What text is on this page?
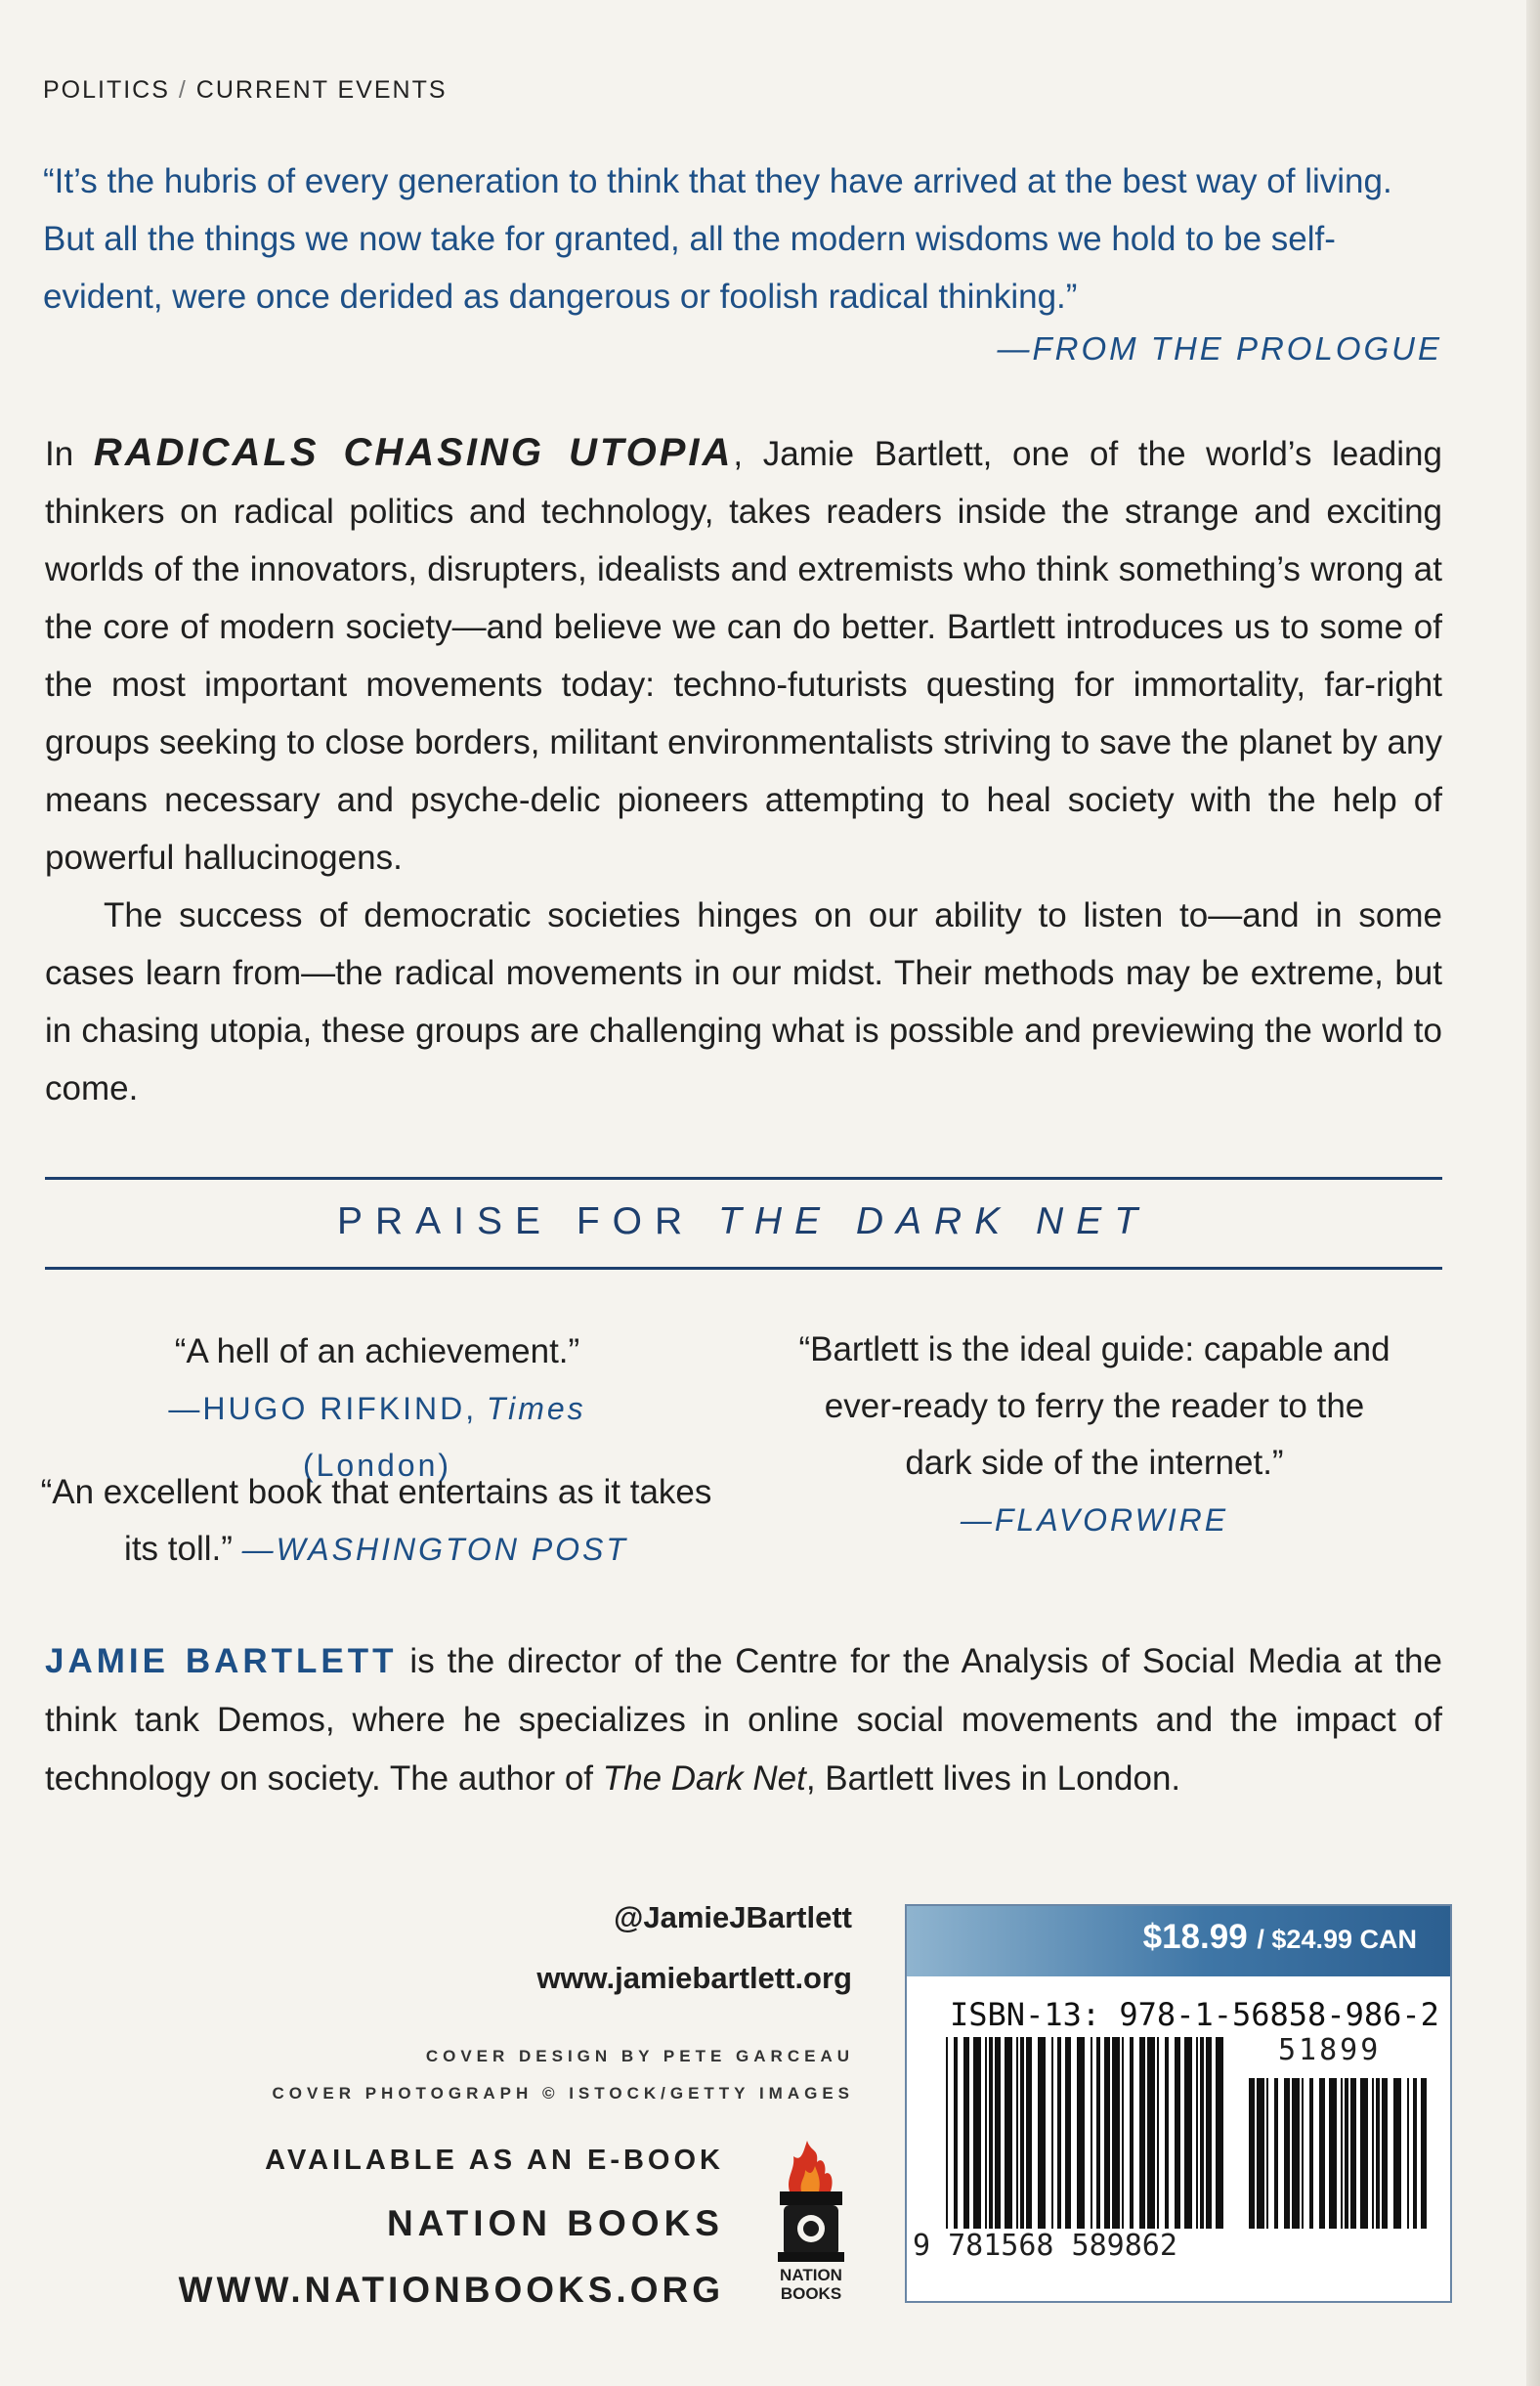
POLITICS / CURRENT EVENTS
“It’s the hubris of every generation to think that they have arrived at the best way of living. But all the things we now take for granted, all the modern wisdoms we hold to be self-evident, were once derided as dangerous or foolish radical thinking.”
—FROM THE PROLOGUE

In RADICALS CHASING UTOPIA, Jamie Bartlett, one of the world’s leading thinkers on radical politics and technology, takes readers inside the strange and exciting worlds of the innovators, disrupters, idealists and extremists who think something’s wrong at the core of modern society—and believe we can do better. Bartlett introduces us to some of the most important movements today: techno-futurists questing for immortality, far-right groups seeking to close borders, militant environmentalists striving to save the planet by any means necessary and psyche-delic pioneers attempting to heal society with the help of powerful hallucinogens.

The success of democratic societies hinges on our ability to listen to—and in some cases learn from—the radical movements in our midst. Their methods may be extreme, but in chasing utopia, these groups are challenging what is possible and previewing the world to come.

PRAISE FOR THE DARK NET
“A hell of an achievement.”
—HUGO RIFKIND, Times (London)
“An excellent book that entertains as it takes its toll.” —WASHINGTON POST
“Bartlett is the ideal guide: capable and ever-ready to ferry the reader to the dark side of the internet.”
—FLAVORWIRE
JAMIE BARTLETT is the director of the Centre for the Analysis of Social Media at the think tank Demos, where he specializes in online social movements and the impact of technology on society. The author of The Dark Net, Bartlett lives in London.
@JamieJBartlett
www.jamiebartlett.org
COVER DESIGN BY PETE GARCEAU
COVER PHOTOGRAPH © ISTOCK/GETTY IMAGES
AVAILABLE AS AN E-BOOK
NATION BOOKS
WWW.NATIONBOOKS.ORG	NATION
BOOKS
$18.99 / $24.99 CAN
ISBN-13: 978-1-56858-986-2
51899
9 781568 589862
